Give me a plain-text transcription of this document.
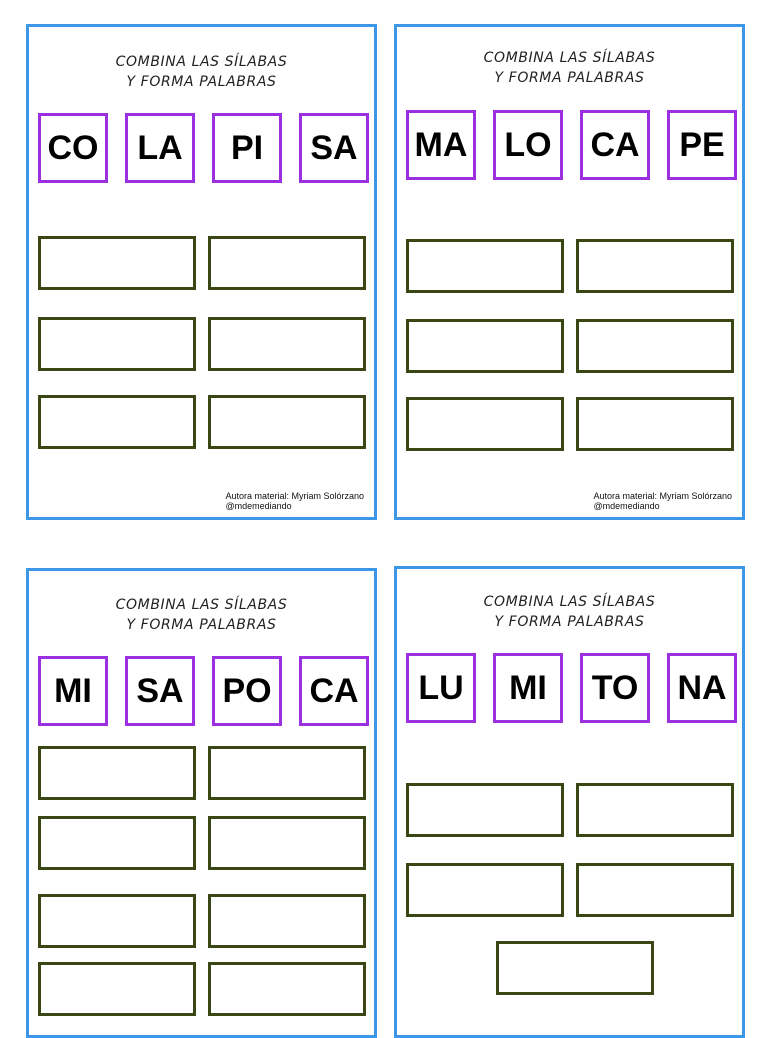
COMBINA LAS SÍLABAS
Y FORMA PALABRAS
CO	LA	PI	SA
Autora material: Myriam Solórzano
@mdemediando
COMBINA LAS SÍLABAS
Y FORMA PALABRAS
MA	LO	CA	PE
Autora material: Myriam Solórzano
@mdemediando
COMBINA LAS SÍLABAS
Y FORMA PALABRAS
MI	SA	PO	CA
COMBINA LAS SÍLABAS
Y FORMA PALABRAS
LU	MI	TO	NA
